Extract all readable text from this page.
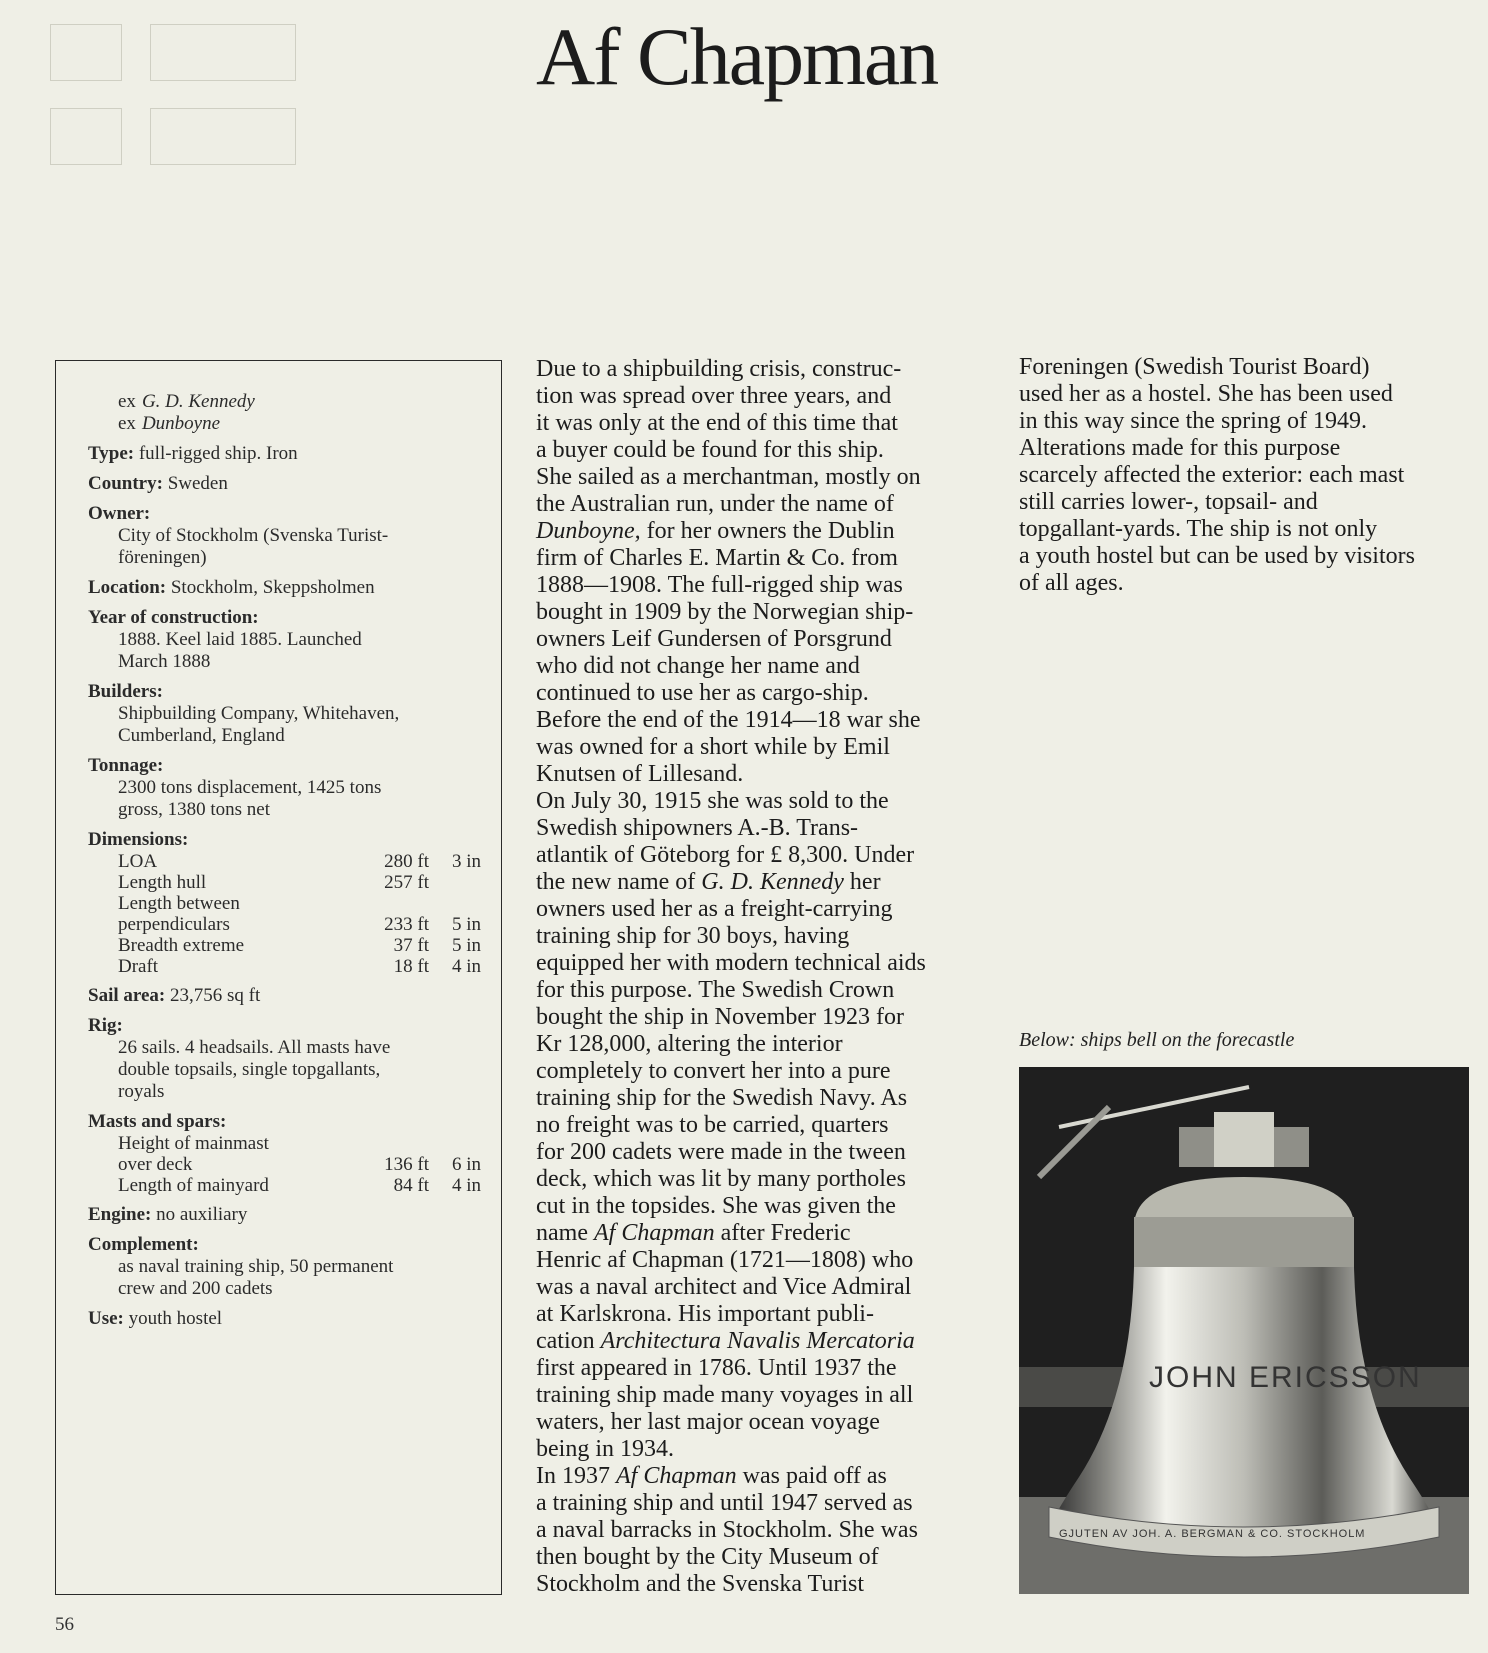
Af Chapman
ex G. D. Kennedy
ex Dunboyne
Type: full-rigged ship. Iron
Country: Sweden
Owner:
City of Stockholm (Svenska Turist-
föreningen)
Location: Stockholm, Skeppsholmen
Year of construction:
1888. Keel laid 1885. Launched
March 1888
Builders:
Shipbuilding Company, Whitehaven,
Cumberland, England
Tonnage:
2300 tons displacement, 1425 tons
gross, 1380 tons net
Dimensions:
LOA	280 ft	3 in
Length hull	257 ft
Length between
perpendiculars	233 ft	5 in
Breadth extreme	37 ft	5 in
Draft	18 ft	4 in
Sail area: 23,756 sq ft
Rig:
26 sails. 4 headsails. All masts have
double topsails, single topgallants,
royals
Masts and spars:
Height of mainmast
over deck	136 ft	6 in
Length of mainyard	84 ft	4 in
Engine: no auxiliary
Complement:
as naval training ship, 50 permanent
crew and 200 cadets
Use: youth hostel

Due to a shipbuilding crisis, construc-

tion was spread over three years, and

it was only at the end of this time that

a buyer could be found for this ship.

She sailed as a merchantman, mostly on

the Australian run, under the name of

Dunboyne, for her owners the Dublin

firm of Charles E. Martin & Co. from

1888—1908. The full-rigged ship was

bought in 1909 by the Norwegian ship-

owners Leif Gundersen of Porsgrund

who did not change her name and

continued to use her as cargo-ship.

Before the end of the 1914—18 war she

was owned for a short while by Emil

Knutsen of Lillesand.

On July 30, 1915 she was sold to the

Swedish shipowners A.-B. Trans-

atlantik of Göteborg for £ 8,300. Under

the new name of G. D. Kennedy her

owners used her as a freight-carrying

training ship for 30 boys, having

equipped her with modern technical aids

for this purpose. The Swedish Crown

bought the ship in November 1923 for

Kr 128,000, altering the interior

completely to convert her into a pure

training ship for the Swedish Navy. As

no freight was to be carried, quarters

for 200 cadets were made in the tween

deck, which was lit by many portholes

cut in the topsides. She was given the

name Af Chapman after Frederic

Henric af Chapman (1721—1808) who

was a naval architect and Vice Admiral

at Karlskrona. His important publi-

cation Architectura Navalis Mercatoria

first appeared in 1786. Until 1937 the

training ship made many voyages in all

waters, her last major ocean voyage

being in 1934.

In 1937 Af Chapman was paid off as

a training ship and until 1947 served as

a naval barracks in Stockholm. She was

then bought by the City Museum of

Stockholm and the Svenska Turist

Foreningen (Swedish Tourist Board)

used her as a hostel. She has been used

in this way since the spring of 1949.

Alterations made for this purpose

scarcely affected the exterior: each mast

still carries lower-, topsail- and

topgallant-yards. The ship is not only

a youth hostel but can be used by visitors

of all ages.

Below: ships bell on the forecastle
JOHN ERICSSON
GJUTEN AV JOH. A. BERGMAN & CO. STOCKHOLM
56
